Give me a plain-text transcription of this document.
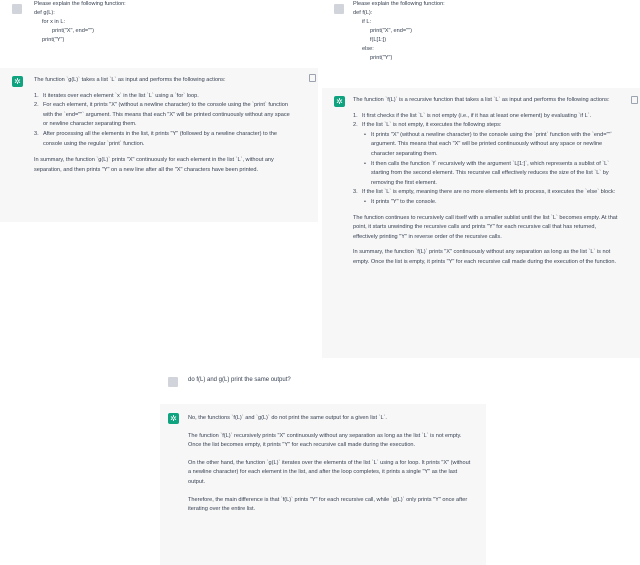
Please explain the following function:
def g(L):
for x in L:
print("X", end="")
print("Y")
✲	The function `g(L)` takes a list `L` as input and performs the following actions:

1. It iterates over each element `x` in the list `L` using a `for` loop.

2. For each element, it prints "X" (without a newline character) to the console using the `print` function with the `end=""` argument. This means that each "X" will be printed continuously without any space or newline character separating them.

3. After processing all the elements in the list, it prints "Y" (followed by a newline character) to the console using the regular `print` function.

In summary, the function `g(L)` prints "X" continuously for each element in the list `L`, without any separation, and then prints "Y" on a new line after all the "X" characters have been printed.

Please explain the following function:
def f(L):
if L:
print("X", end="")
f(L[1:])
else:
print("Y")
✲	The function `f(L)` is a recursive function that takes a list `L` as input and performs the following actions:

1. It first checks if the list `L` is not empty (i.e., if it has at least one element) by evaluating `if L`.

2. If the list `L` is not empty, it executes the following steps:

• It prints "X" (without a newline character) to the console using the `print` function with the `end=""` argument. This means that each "X" will be printed continuously without any space or newline character separating them.

• It then calls the function `f` recursively with the argument `L[1:]`, which represents a sublist of `L` starting from the second element. This recursive call effectively reduces the size of the list `L` by removing the first element.

3. If the list `L` is empty, meaning there are no more elements left to process, it executes the `else` block:

• It prints "Y" to the console.

The function continues to recursively call itself with a smaller sublist until the list `L` becomes empty. At that point, it starts unwinding the recursive calls and prints "Y" for each recursive call that has returned, effectively printing "Y" in reverse order of the recursive calls.

In summary, the function `f(L)` prints "X" continuously without any separation as long as the list `L` is not empty. Once the list is empty, it prints "Y" for each recursive call made during the execution of the function.

do f(L) and g(L) print the same output?
✲	No, the functions `f(L)` and `g(L)` do not print the same output for a given list `L`.

The function `f(L)` recursively prints "X" continuously without any separation as long as the list `L` is not empty. Once the list becomes empty, it prints "Y" for each recursive call made during the execution.

On the other hand, the function `g(L)` iterates over the elements of the list `L` using a for loop. It prints "X" (without a newline character) for each element in the list, and after the loop completes, it prints a single "Y" as the last output.

Therefore, the main difference is that `f(L)` prints "Y" for each recursive call, while `g(L)` only prints "Y" once after iterating over the entire list.
